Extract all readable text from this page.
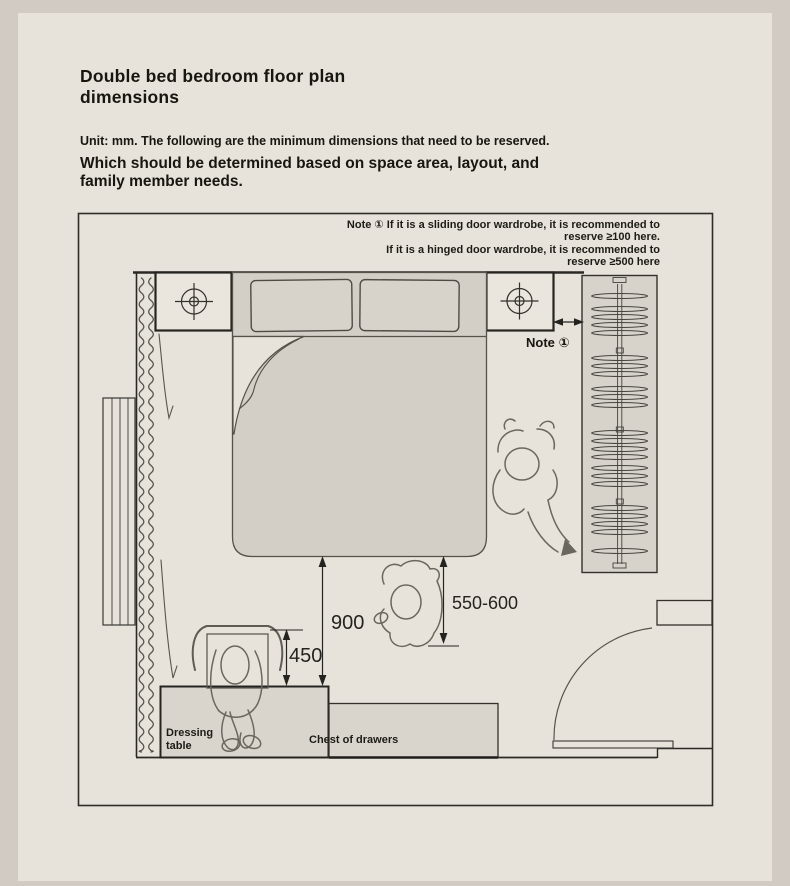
Double bed bedroom floor plan dimensions
Unit: mm. The following are the minimum dimensions that need to be reserved.
Which should be determined based on space area, layout, and family member needs.
Note ① If it is a sliding door wardrobe, it is recommended to
reserve ≥100 here.
If it is a hinged door wardrobe, it is recommended to
reserve ≥500 here
Note ①
900
450
550-600
Dressing table
Chest of drawers
